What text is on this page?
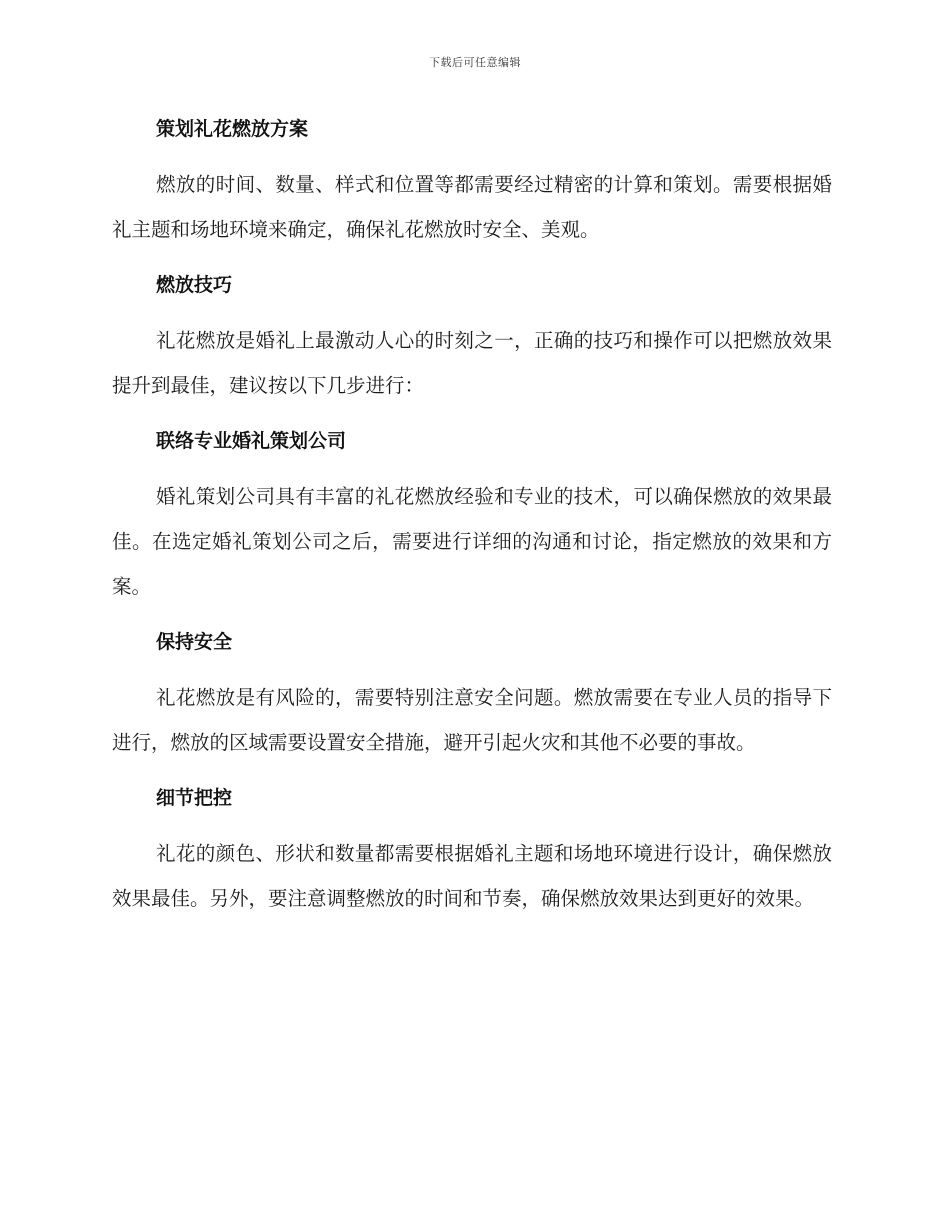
下载后可任意编辑
策划礼花燃放方案

燃放的时间、数量、样式和位置等都需要经过精密的计算和策划。需要根据婚礼主题和场地环境来确定，确保礼花燃放时安全、美观。

燃放技巧

礼花燃放是婚礼上最激动人心的时刻之一，正确的技巧和操作可以把燃放效果提升到最佳，建议按以下几步进行：

联络专业婚礼策划公司

婚礼策划公司具有丰富的礼花燃放经验和专业的技术，可以确保燃放的效果最佳。在选定婚礼策划公司之后，需要进行详细的沟通和讨论，指定燃放的效果和方案。

保持安全

礼花燃放是有风险的，需要特别注意安全问题。燃放需要在专业人员的指导下进行，燃放的区域需要设置安全措施，避开引起火灾和其他不必要的事故。

细节把控

礼花的颜色、形状和数量都需要根据婚礼主题和场地环境进行设计，确保燃放效果最佳。另外，要注意调整燃放的时间和节奏，确保燃放效果达到更好的效果。
